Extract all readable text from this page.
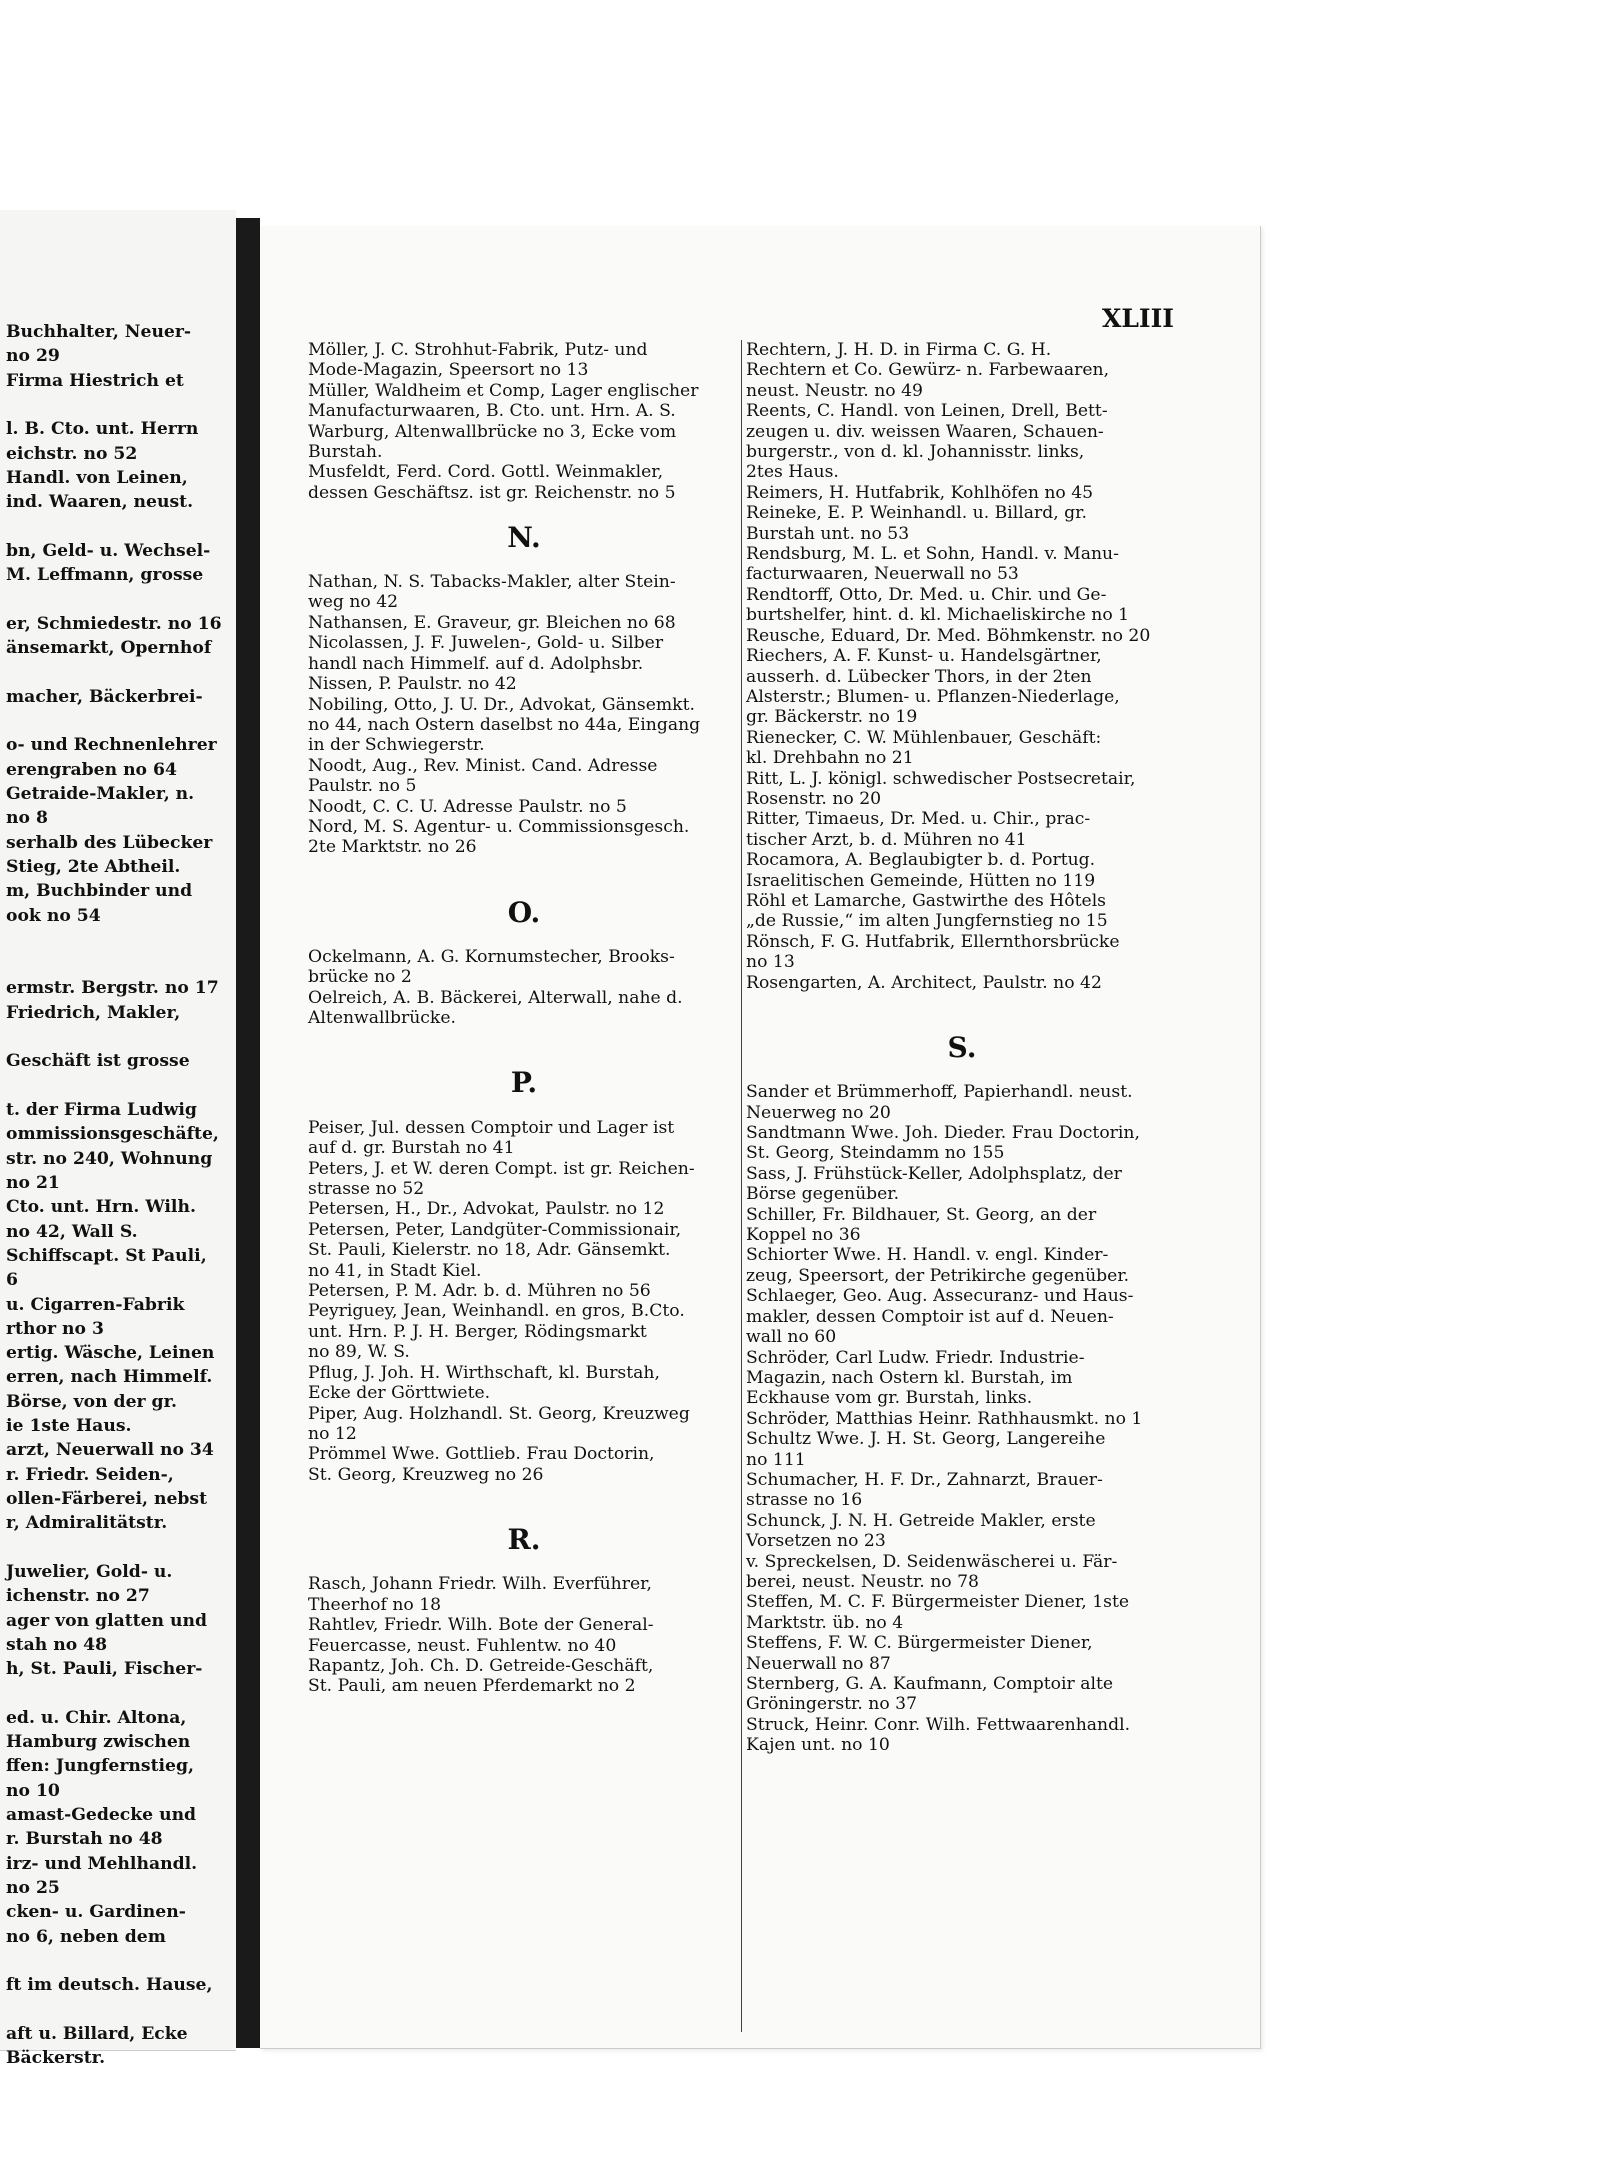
Buchhalter, Neuer-
no 29
Firma Hiestrich et

l. B. Cto. unt. Herrn
eichstr. no 52
Handl. von Leinen,
ind. Waaren, neust.

bn, Geld- u. Wechsel-
M. Leffmann, grosse

er, Schmiedestr. no 16
änsemarkt, Opernhof

macher, Bäckerbrei-

o- und Rechnenlehrer
erengraben no 64
Getraide-Makler, n.
no 8
serhalb des Lübecker
Stieg, 2te Abtheil.
m, Buchbinder und
ook no 54

ermstr. Bergstr. no 17
Friedrich, Makler,

Geschäft ist grosse

t. der Firma Ludwig
ommissionsgeschäfte,
str. no 240, Wohnung
no 21
Cto. unt. Hrn. Wilh.
no 42, Wall S.
Schiffscapt. St Pauli,
6
u. Cigarren-Fabrik
rthor no 3
ertig. Wäsche, Leinen
erren, nach Himmelf.
Börse, von der gr.
ie 1ste Haus.
arzt, Neuerwall no 34
r. Friedr. Seiden-,
ollen-Färberei, nebst
r, Admiralitätstr.

Juwelier, Gold- u.
ichenstr. no 27
ager von glatten und
stah no 48
h, St. Pauli, Fischer-

ed. u. Chir. Altona,
Hamburg zwischen
ffen: Jungfernstieg,
no 10
amast-Gedecke und
r. Burstah no 48
irz- und Mehlhandl.
no 25
cken- u. Gardinen-
no 6, neben dem

ft im deutsch. Hause,

aft u. Billard, Ecke
Bäckerstr.
XLIII
Möller, J. C. Strohhut-Fabrik, Putz- und
Mode-Magazin, Speersort no 13
Müller, Waldheim et Comp, Lager englischer
Manufacturwaaren, B. Cto. unt. Hrn. A. S.
Warburg, Altenwallbrücke no 3, Ecke vom
Burstah.
Musfeldt, Ferd. Cord. Gottl. Weinmakler,
dessen Geschäftsz. ist gr. Reichenstr. no 5

N.

Nathan, N. S. Tabacks-Makler, alter Stein-
weg no 42
Nathansen, E. Graveur, gr. Bleichen no 68
Nicolassen, J. F. Juwelen-, Gold- u. Silber
handl nach Himmelf. auf d. Adolphsbr.
Nissen, P. Paulstr. no 42
Nobiling, Otto, J. U. Dr., Advokat, Gänsemkt.
no 44, nach Ostern daselbst no 44a, Eingang
in der Schwiegerstr.
Noodt, Aug., Rev. Minist. Cand. Adresse
Paulstr. no 5
Noodt, C. C. U. Adresse Paulstr. no 5
Nord, M. S. Agentur- u. Commissionsgesch.
2te Marktstr. no 26

O.

Ockelmann, A. G. Kornumstecher, Brooks-
brücke no 2
Oelreich, A. B. Bäckerei, Alterwall, nahe d.
Altenwallbrücke.

P.

Peiser, Jul. dessen Comptoir und Lager ist
auf d. gr. Burstah no 41
Peters, J. et W. deren Compt. ist gr. Reichen-
strasse no 52
Petersen, H., Dr., Advokat, Paulstr. no 12
Petersen, Peter, Landgüter-Commissionair,
St. Pauli, Kielerstr. no 18, Adr. Gänsemkt.
no 41, in Stadt Kiel.
Petersen, P. M. Adr. b. d. Mühren no 56
Peyriguey, Jean, Weinhandl. en gros, B.Cto.
unt. Hrn. P. J. H. Berger, Rödingsmarkt
no 89, W. S.
Pflug, J. Joh. H. Wirthschaft, kl. Burstah,
Ecke der Görttwiete.
Piper, Aug. Holzhandl. St. Georg, Kreuzweg
no 12
Prömmel Wwe. Gottlieb. Frau Doctorin,
St. Georg, Kreuzweg no 26

R.

Rasch, Johann Friedr. Wilh. Everführer,
Theerhof no 18
Rahtlev, Friedr. Wilh. Bote der General-
Feuercasse, neust. Fuhlentw. no 40
Rapantz, Joh. Ch. D. Getreide-Geschäft,
St. Pauli, am neuen Pferdemarkt no 2
Rechtern, J. H. D. in Firma C. G. H.
Rechtern et Co. Gewürz- n. Farbewaaren,
neust. Neustr. no 49
Reents, C. Handl. von Leinen, Drell, Bett-
zeugen u. div. weissen Waaren, Schauen-
burgerstr., von d. kl. Johannisstr. links,
2tes Haus.
Reimers, H. Hutfabrik, Kohlhöfen no 45
Reineke, E. P. Weinhandl. u. Billard, gr.
Burstah unt. no 53
Rendsburg, M. L. et Sohn, Handl. v. Manu-
facturwaaren, Neuerwall no 53
Rendtorff, Otto, Dr. Med. u. Chir. und Ge-
burtshelfer, hint. d. kl. Michaeliskirche no 1
Reusche, Eduard, Dr. Med. Böhmkenstr. no 20
Riechers, A. F. Kunst- u. Handelsgärtner,
ausserh. d. Lübecker Thors, in der 2ten
Alsterstr.; Blumen- u. Pflanzen-Niederlage,
gr. Bäckerstr. no 19
Rienecker, C. W. Mühlenbauer, Geschäft:
kl. Drehbahn no 21
Ritt, L. J. königl. schwedischer Postsecretair,
Rosenstr. no 20
Ritter, Timaeus, Dr. Med. u. Chir., prac-
tischer Arzt, b. d. Mühren no 41
Rocamora, A. Beglaubigter b. d. Portug.
Israelitischen Gemeinde, Hütten no 119
Röhl et Lamarche, Gastwirthe des Hôtels
„de Russie,“ im alten Jungfernstieg no 15
Rönsch, F. G. Hutfabrik, Ellernthorsbrücke
no 13
Rosengarten, A. Architect, Paulstr. no 42

S.

Sander et Brümmerhoff, Papierhandl. neust.
Neuerweg no 20
Sandtmann Wwe. Joh. Dieder. Frau Doctorin,
St. Georg, Steindamm no 155
Sass, J. Frühstück-Keller, Adolphsplatz, der
Börse gegenüber.
Schiller, Fr. Bildhauer, St. Georg, an der
Koppel no 36
Schiorter Wwe. H. Handl. v. engl. Kinder-
zeug, Speersort, der Petrikirche gegenüber.
Schlaeger, Geo. Aug. Assecuranz- und Haus-
makler, dessen Comptoir ist auf d. Neuen-
wall no 60
Schröder, Carl Ludw. Friedr. Industrie-
Magazin, nach Ostern kl. Burstah, im
Eckhause vom gr. Burstah, links.
Schröder, Matthias Heinr. Rathhausmkt. no 1
Schultz Wwe. J. H. St. Georg, Langereihe
no 111
Schumacher, H. F. Dr., Zahnarzt, Brauer-
strasse no 16
Schunck, J. N. H. Getreide Makler, erste
Vorsetzen no 23
v. Spreckelsen, D. Seidenwäscherei u. Fär-
berei, neust. Neustr. no 78
Steffen, M. C. F. Bürgermeister Diener, 1ste
Marktstr. üb. no 4
Steffens, F. W. C. Bürgermeister Diener,
Neuerwall no 87
Sternberg, G. A. Kaufmann, Comptoir alte
Gröningerstr. no 37
Struck, Heinr. Conr. Wilh. Fettwaarenhandl.
Kajen unt. no 10
